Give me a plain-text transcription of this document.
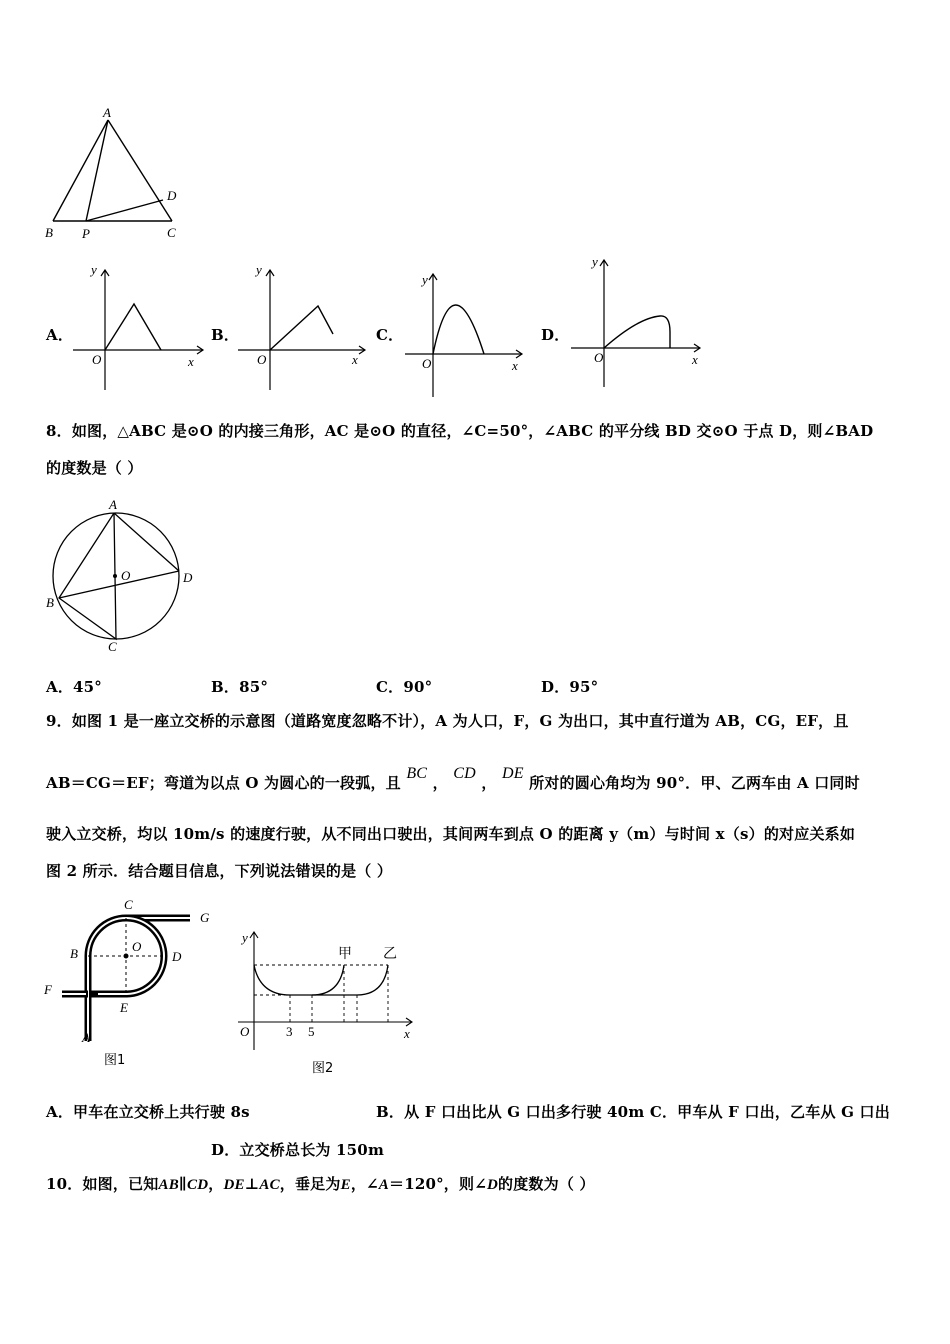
A
D
B P	C
A．	B．	C．	D．
y
O	x
y
O	x
y
O	x
y
O	x
8．如图，△ABC 是⊙O 的内接三角形，AC 是⊙O 的直径，∠C=50°，∠ABC 的平分线 BD 交⊙O 于点 D，则∠BAD
的度数是（ ）
A
O	D
B
C
A．45°	B．85°	C．90°	D．95°
9．如图 1 是一座立交桥的示意图（道路宽度忽略不计），A 为人口，F，G 为出口，其中直行道为 AB，CG，EF，且
AB＝CG＝EF；弯道为以点 O 为圆心的一段弧，且 BC ， CD ， DE 所对的圆心角均为 90°．甲、乙两车由 A 口同时
驶入立交桥，均以 10m/s 的速度行驶，从不同出口驶出，其间两车到点 O 的距离 y（m）与时间 x（s）的对应关系如
图 2 所示．结合题目信息，下列说法错误的是（ ）
C
G
B	O
D
F
E
A
图1
y
O	3 5	x
甲 乙
图2
A．甲车在立交桥上共行驶 8s	B．从 F 口出比从 G 口出多行驶 40m C．甲车从 F 口出，乙车从 G 口出
D．立交桥总长为 150m
10．如图，已知AB∥CD，DE⊥AC，垂足为E，∠A＝120°，则∠D的度数为（ ）
